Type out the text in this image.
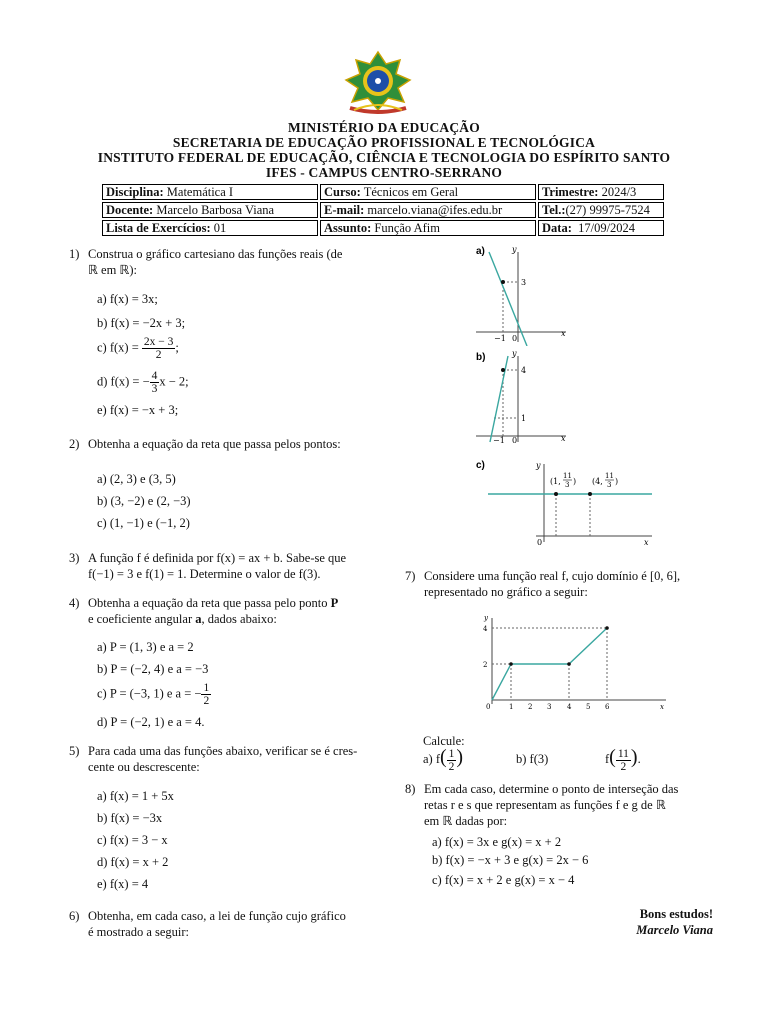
MINISTÉRIO DA EDUCAÇÃO
SECRETARIA DE EDUCAÇÃO PROFISSIONAL E TECNOLÓGICA
INSTITUTO FEDERAL DE EDUCAÇÃO, CIÊNCIA E TECNOLOGIA DO ESPÍRITO SANTO
IFES - CAMPUS CENTRO-SERRANO
Disciplina: Matemática I	Curso: Técnicos em Geral	Trimestre: 2024/3
Docente: Marcelo Barbosa Viana	E-mail: marcelo.viana@ifes.edu.br	Tel.:(27) 99975-7524
Lista de Exercícios: 01	Assunto: Função Afim	Data: 17/09/2024
1) Construa o gráfico cartesiano das funções reais (de
ℝ em ℝ):
a) f(x) = 3x;
b) f(x) = −2x + 3;
c) $f(x) = \frac{2x - 3}{2}$ ;
d) f(x) = − $\frac{4}{3}$ x − 2;
e) f(x) = −x + 3;
2) Obtenha a equação da reta que passa pelos pontos:
a) (2, 3) e (3, 5)
b) (3, −2) e (2, −3)
c) (1, −1) e (−1, 2)
3) A função f é definida por f(x) = ax + b. Sabe-se que
f(−1) = 3 e f(1) = 1. Determine o valor de f(3).
4) Obtenha a equação da reta que passa pelo ponto P
e coeficiente angular a, dados abaixo:
a) P = (1, 3) e a = 2
b) P = (−2, 4) e a = −3
c) P = (−3, 1) e a = − $\frac{1}{2}$
d) P = (−2, 1) e a = 4.
5) Para cada uma das funções abaixo, verificar se é cres-
cente ou descrescente:
a) f(x) = 1 + 5x
b) f(x) = −3x
c) f(x) = 3 − x
d) f(x) = x + 2
e) f(x) = 4
6) Obtenha, em cada caso, a lei de função cujo gráfico
é mostrado a seguir:
a)
x
y
3
−1 0
b)
x
y
4
1
−1 0
c)
x
y
(1,
11
3 ) (4,
11
3 )
0
7) Considere uma função real f, cujo domínio é [0, 6],
representado no gráfico a seguir:
x
y
4
2
0	1 2 3 4 5 6
Calcule:
a) $f( \frac{1}{2}$ )	b) f(3)	$f( \frac{11}{2}$ ).
8) Em cada caso, determine o ponto de interseção das
retas r e s que representam as funções f e g de ℝ
em ℝ dadas por:
a) f(x) = 3x e g(x) = x + 2
b) f(x) = −x + 3 e g(x) = 2x − 6
c) f(x) = x + 2 e g(x) = x − 4
Bons estudos!
Marcelo Viana
